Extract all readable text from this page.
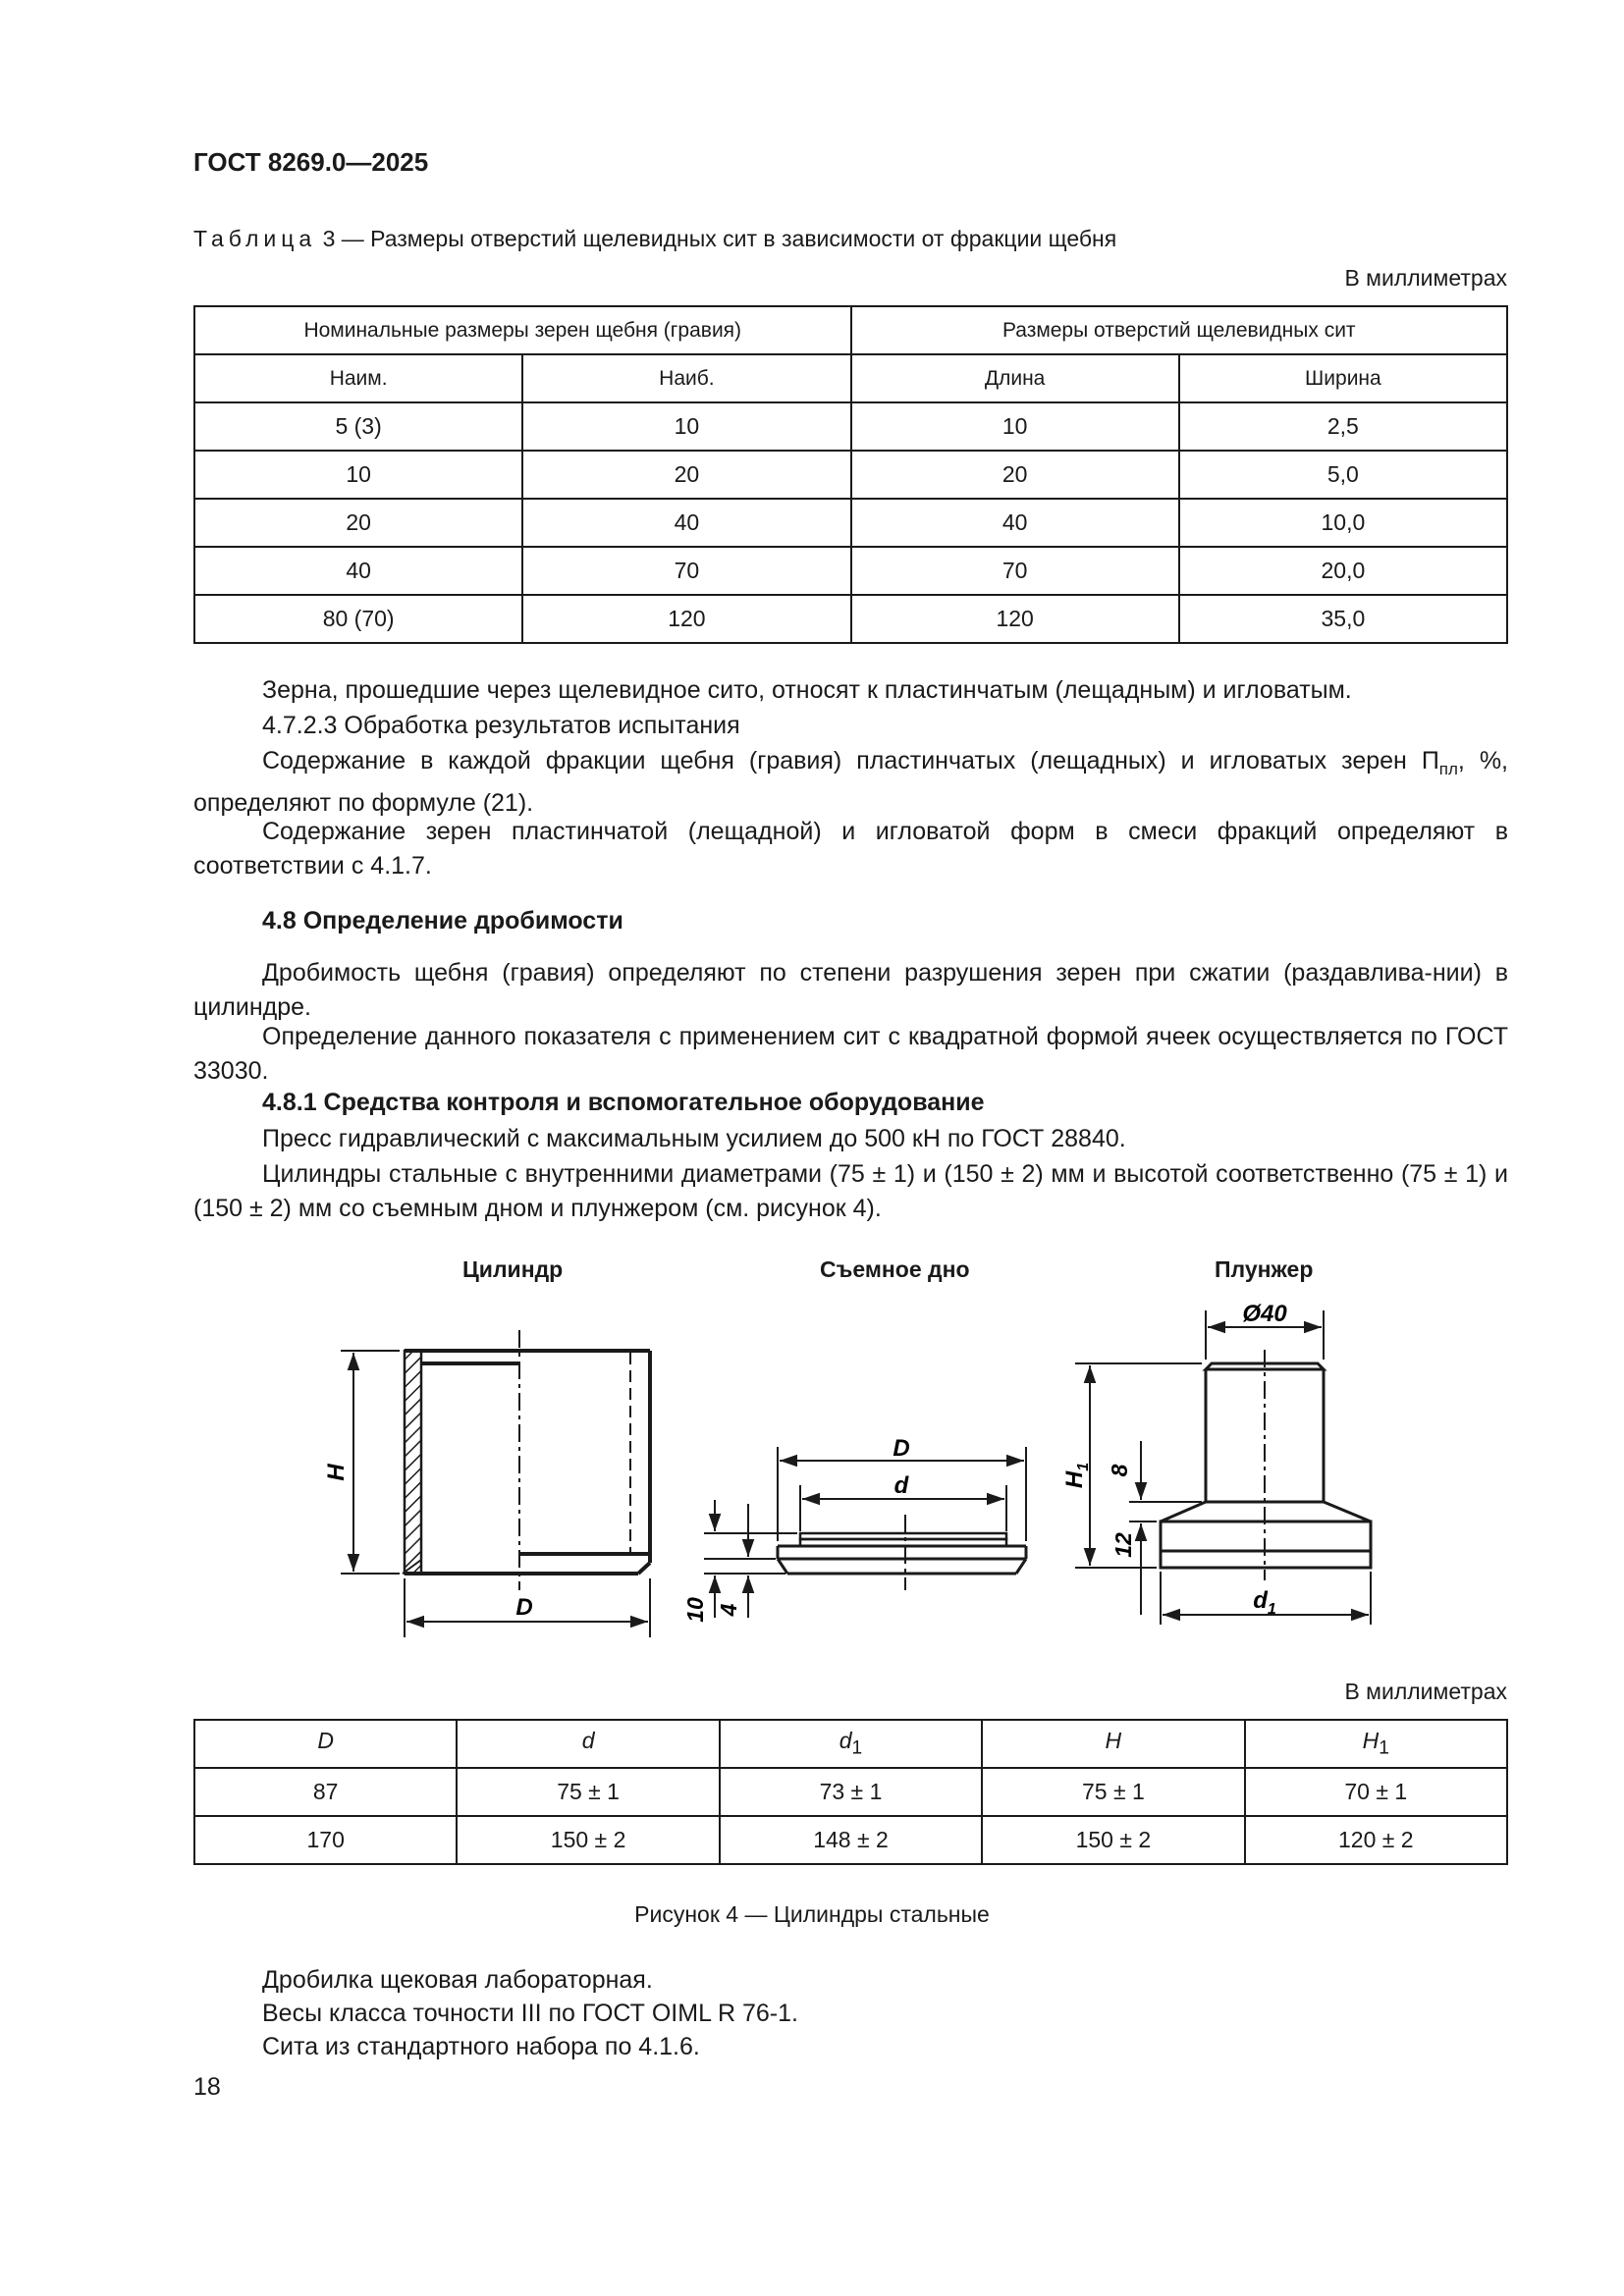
ГОСТ 8269.0—2025
Таблица 3 — Размеры отверстий щелевидных сит в зависимости от фракции щебня
В миллиметрах
Номинальные размеры зерен щебня (гравия)		Размеры отверстий щелевидных сит	
Наим.	Наиб.	Длина	Ширина
5 (3)	10	10	2,5
10	20	20	5,0
20	40	40	10,0
40	70	70	20,0
80 (70)	120	120	35,0
Зерна, прошедшие через щелевидное сито, относят к пластинчатым (лещадным) и игловатым.
4.7.2.3 Обработка результатов испытания
Содержание в каждой фракции щебня (гравия) пластинчатых (лещадных) и игловатых зерен $П_{пл}$, %, определяют по формуле (21).
Содержание зерен пластинчатой (лещадной) и игловатой форм в смеси фракций определяют в соответствии с 4.1.7.
4.8 Определение дробимости
Дробимость щебня (гравия) определяют по степени разрушения зерен при сжатии (раздавлива-нии) в цилиндре.
Определение данного показателя с применением сит с квадратной формой ячеек осуществляется по ГОСТ 33030.
4.8.1 Средства контроля и вспомогательное оборудование
Пресс гидравлический с максимальным усилием до 500 кН по ГОСТ 28840.
Цилиндры стальные с внутренними диаметрами (75 ± 1) и (150 ± 2) мм и высотой соответственно (75 ± 1) и (150 ± 2) мм со съемным дном и плунжером (см. рисунок 4).
Цилиндр	Съемное дно	Плунжер
H
D
D
d
10 4
Ø40
$H_1$ 8
12
$d_1$
В миллиметрах
D	d	$d_1$	H	$H_1$
87	75 ± 1	73 ± 1	75 ± 1	70 ± 1
170	150 ± 2	148 ± 2	150 ± 2	120 ± 2
Рисунок 4 — Цилиндры стальные
Дробилка щековая лабораторная.
Весы класса точности III по ГОСТ OIML R 76-1.
Сита из стандартного набора по 4.1.6.
18
